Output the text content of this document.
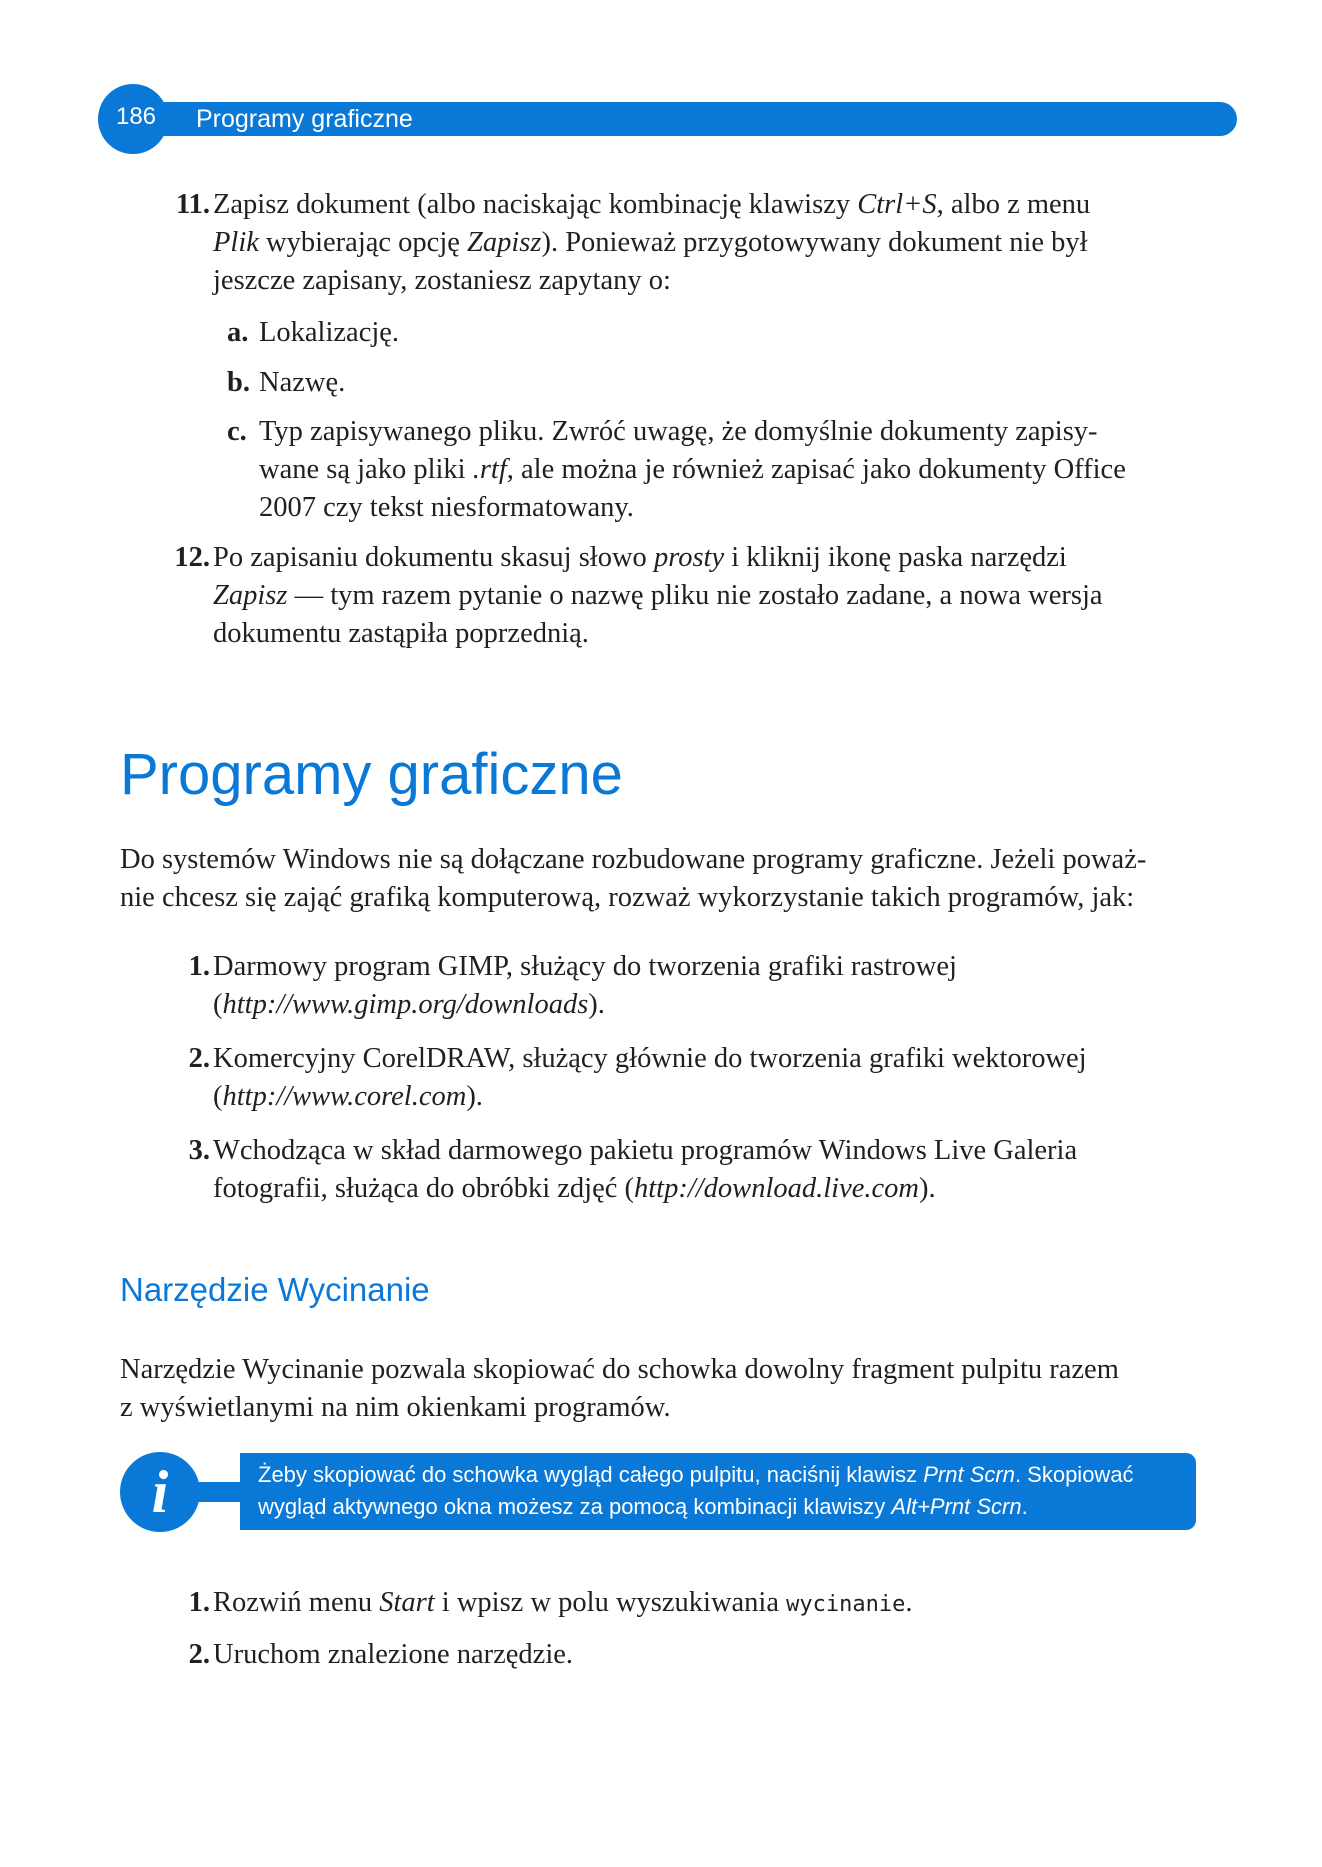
186	Programy graficzne
11. Zapisz dokument (albo naciskając kombinację klawiszy Ctrl+S, albo z menu
Plik wybierając opcję Zapisz). Ponieważ przygotowywany dokument nie był
jeszcze zapisany, zostaniesz zapytany o:
a. Lokalizację.
b. Nazwę.
c. Typ zapisywanego pliku. Zwróć uwagę, że domyślnie dokumenty zapisy-
wane są jako pliki .rtf, ale można je również zapisać jako dokumenty Office
2007 czy tekst niesformatowany.
12. Po zapisaniu dokumentu skasuj słowo prosty i kliknij ikonę paska narzędzi
Zapisz — tym razem pytanie o nazwę pliku nie zostało zadane, a nowa wersja
dokumentu zastąpiła poprzednią.
Programy graficzne
Do systemów Windows nie są dołączane rozbudowane programy graficzne. Jeżeli poważ-
nie chcesz się zająć grafiką komputerową, rozważ wykorzystanie takich programów, jak:
1. Darmowy program GIMP, służący do tworzenia grafiki rastrowej
(http://www.gimp.org/downloads).
2. Komercyjny CorelDRAW, służący głównie do tworzenia grafiki wektorowej
(http://www.corel.com).
3. Wchodząca w skład darmowego pakietu programów Windows Live Galeria
fotografii, służąca do obróbki zdjęć (http://download.live.com).
Narzędzie Wycinanie
Narzędzie Wycinanie pozwala skopiować do schowka dowolny fragment pulpitu razem
z wyświetlanymi na nim okienkami programów.
i	Żeby skopiować do schowka wygląd całego pulpitu, naciśnij klawisz Prnt Scrn. Skopiować
wygląd aktywnego okna możesz za pomocą kombinacji klawiszy Alt+Prnt Scrn.
1. Rozwiń menu Start i wpisz w polu wyszukiwania wycinanie.
2. Uruchom znalezione narzędzie.
